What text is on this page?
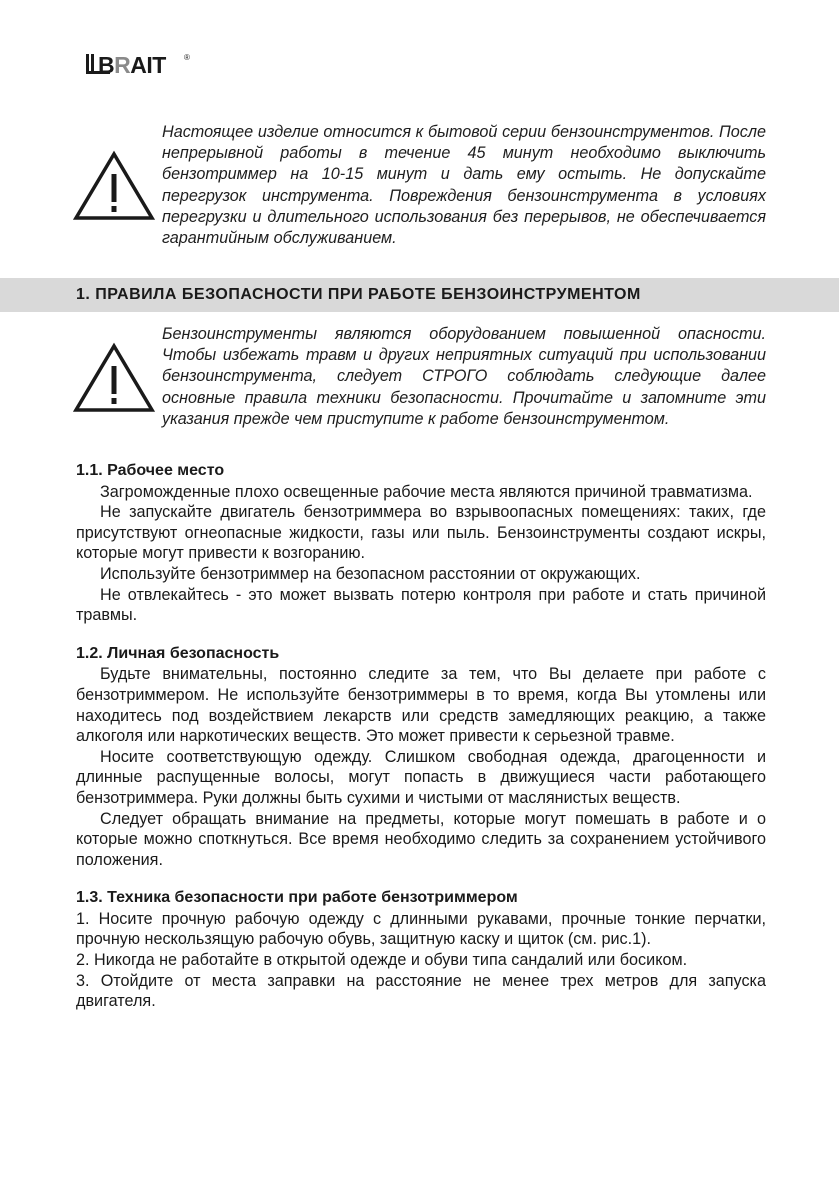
BRAIT ®
Настоящее изделие относится к бытовой серии бензоинструментов. После непрерывной работы в течение 45 минут необходимо выключить бензотриммер на 10-15 минут и дать ему остыть. Не допускайте перегрузок инструмента. Повреждения бензоинструмента в условиях перегрузки и длительного использования без перерывов, не обеспечивается гарантийным обслуживанием.
1. ПРАВИЛА БЕЗОПАСНОСТИ ПРИ РАБОТЕ БЕНЗОИНСТРУМЕНТОМ
Бензоинструменты являются оборудованием повышенной опасности. Чтобы избежать травм и других неприятных ситуаций при использовании бензоинструмента, следует СТРОГО соблюдать следующие далее основные правила техники безопасности. Прочитайте и запомните эти указания прежде чем приступите к работе бензоинструментом.
1.1. Рабочее место

Загроможденные плохо освещенные рабочие места являются причиной травматизма.

Не запускайте двигатель бензотриммера во взрывоопасных помещениях: таких, где присутствуют огнеопасные жидкости, газы или пыль. Бензоинструменты создают искры, которые могут привести к возгоранию.

Используйте бензотриммер на безопасном расстоянии от окружающих.

Не отвлекайтесь - это может вызвать потерю контроля при работе и стать причиной травмы.

1.2. Личная безопасность

Будьте внимательны, постоянно следите за тем, что Вы делаете при работе с бензотриммером. Не используйте бензотриммеры в то время, когда Вы утомлены или находитесь под воздействием лекарств или средств замедляющих реакцию, а также алкоголя или наркотических веществ. Это может привести к серьезной травме.

Носите соответствующую одежду. Слишком свободная одежда, драгоценности и длинные распущенные волосы, могут попасть в движущиеся части работающего бензотриммера. Руки должны быть сухими и чистыми от маслянистых веществ.

Следует обращать внимание на предметы, которые могут помешать в работе и о которые можно споткнуться. Все время необходимо следить за сохранением устойчивого положения.

1.3. Техника безопасности при работе бензотриммером

1. Носите прочную рабочую одежду с длинными рукавами, прочные тонкие перчатки, прочную нескользящую рабочую обувь, защитную каску и щиток (см. рис.1).

2. Никогда не работайте в открытой одежде и обуви типа сандалий или босиком.

3. Отойдите от места заправки на расстояние не менее трех метров для запуска двигателя.
